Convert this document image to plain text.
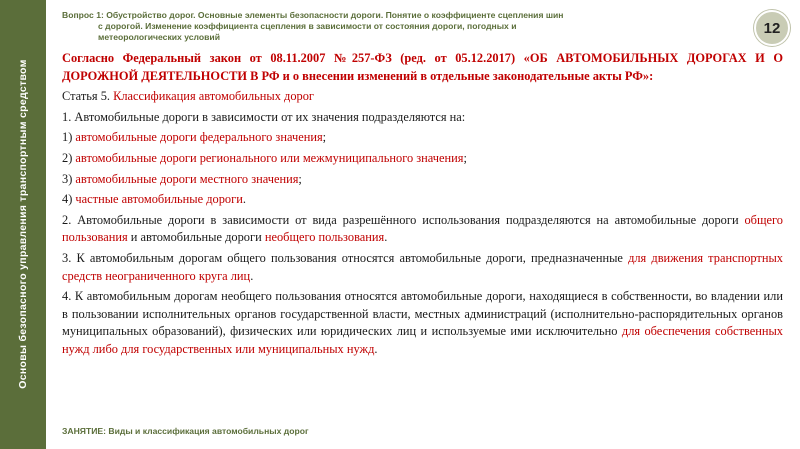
Основы безопасного управления транспортным средством
Вопрос 1: Обустройство дорог. Основные элементы безопасности дороги. Понятие о коэффициенте сцепления шин
с дорогой. Изменение коэффициента сцепления в зависимости от состояния дороги, погодных и
метеорологических условий
12

Согласно Федеральный закон от 08.11.2007 №257-ФЗ (ред. от 05.12.2017) «ОБ АВТОМОБИЛЬНЫХ ДОРОГАХ И О ДОРОЖНОЙ ДЕЯТЕЛЬНОСТИ В РФ и о внесении изменений в отдельные законодательные акты РФ»:

Статья 5. Классификация автомобильных дорог

1. Автомобильные дороги в зависимости от их значения подразделяются на:

1) автомобильные дороги федерального значения;

2) автомобильные дороги регионального или межмуниципального значения;

3) автомобильные дороги местного значения;

4) частные автомобильные дороги.

2. Автомобильные дороги в зависимости от вида разрешённого использования подразделяются на автомобильные дороги общего пользования и автомобильные дороги необщего пользования.

3. К автомобильным дорогам общего пользования относятся автомобильные дороги, предназначенные для движения транспортных средств неограниченного круга лиц.

4. К автомобильным дорогам необщего пользования относятся автомобильные дороги, находящиеся в собственности, во владении или в пользовании исполнительных органов государственной власти, местных администраций (исполнительно-распорядительных органов муниципальных образований), физических или юридических лиц и используемые ими исключительно для обеспечения собственных нужд либо для государственных или муниципальных нужд.

ЗАНЯТИЕ: Виды и классификация автомобильных дорог
